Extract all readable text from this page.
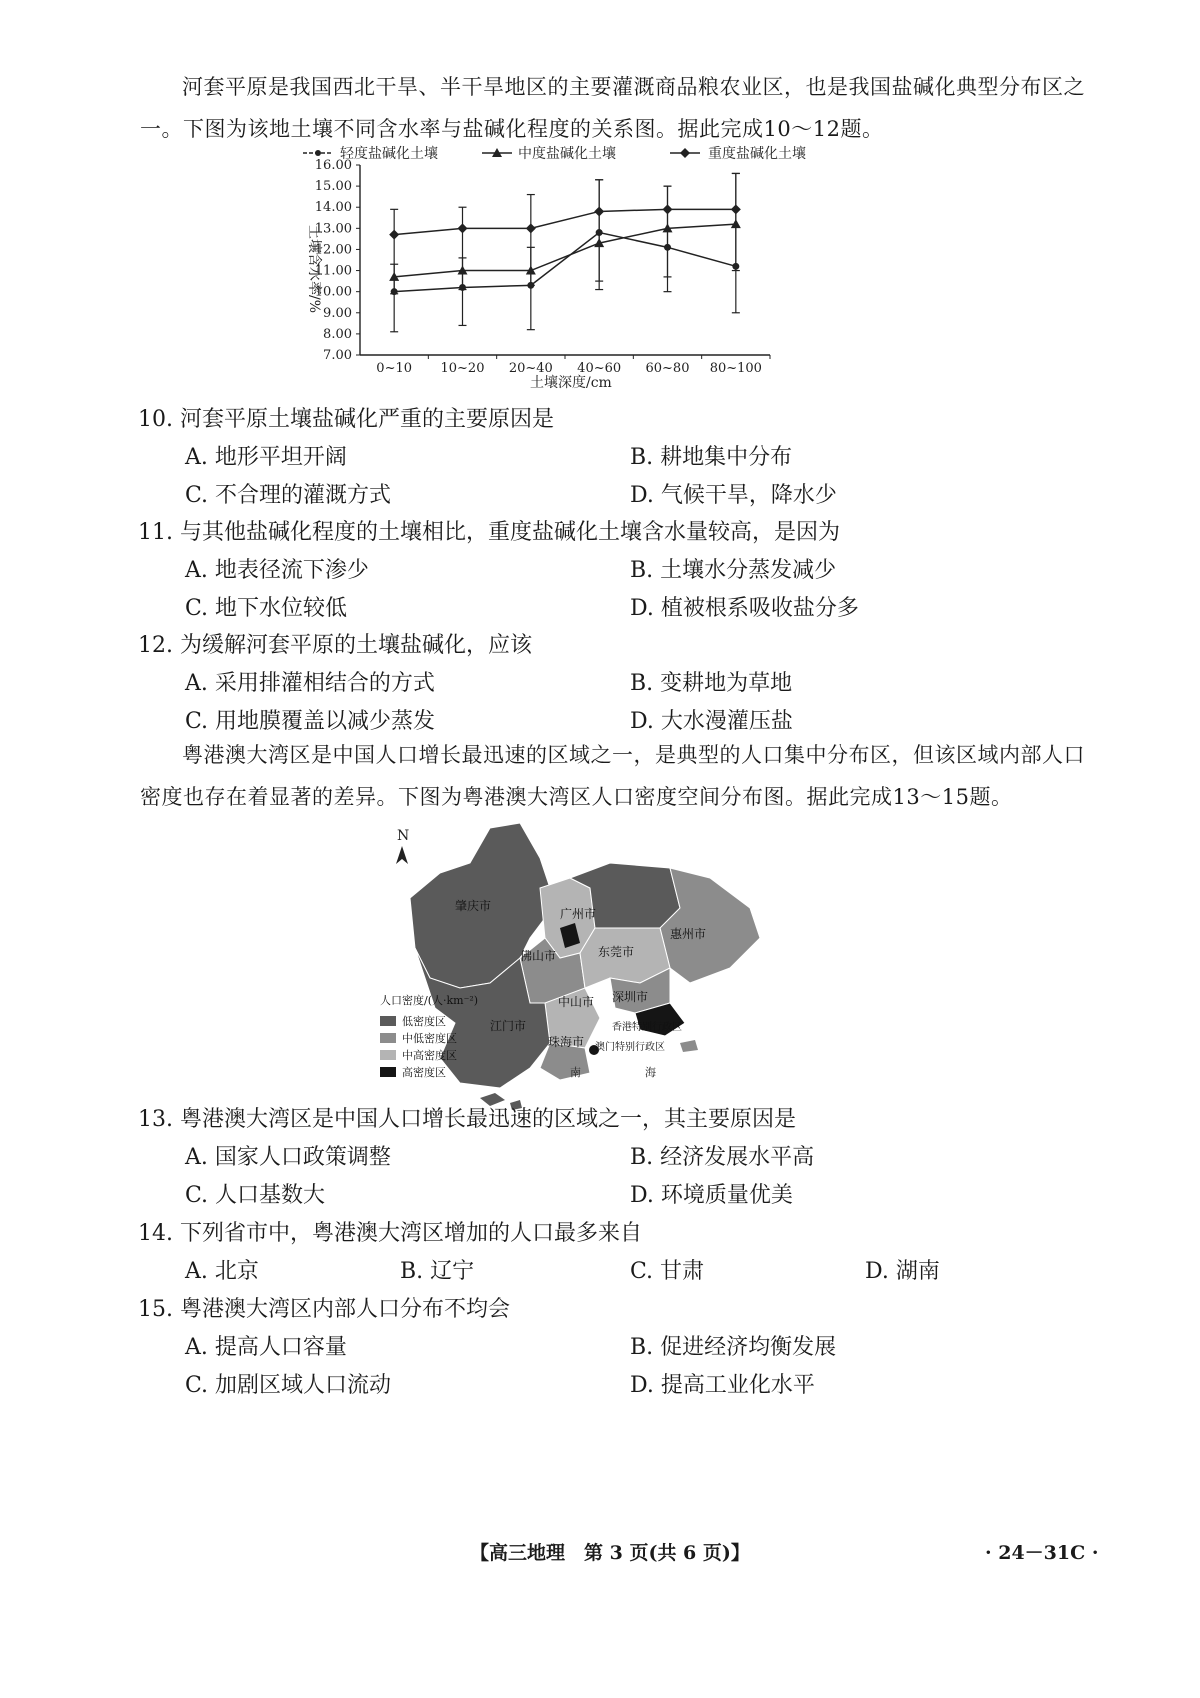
河套平原是我国西北干旱、半干旱地区的主要灌溉商品粮农业区，也是我国盐碱化典型分布区之一。下图为该地土壤不同含水率与盐碱化程度的关系图。据此完成10～12题。
轻度盐碱化土壤	中度盐碱化土壤	重度盐碱化土壤
7.00
8.00
9.00
10.00
11.00
12.00
13.00
14.00
15.00
16.00
0~10 10~20 20~40 40~60 60~80 80~100
土壤含水率/%
土壤深度/cm
10. 河套平原土壤盐碱化严重的主要原因是
A. 地形平坦开阔	B. 耕地集中分布
C. 不合理的灌溉方式	D. 气候干旱，降水少
11. 与其他盐碱化程度的土壤相比，重度盐碱化土壤含水量较高，是因为
A. 地表径流下渗少	B. 土壤水分蒸发减少
C. 地下水位较低	D. 植被根系吸收盐分多
12. 为缓解河套平原的土壤盐碱化，应该
A. 采用排灌相结合的方式	B. 变耕地为草地
C. 用地膜覆盖以减少蒸发	D. 大水漫灌压盐
粤港澳大湾区是中国人口增长最迅速的区域之一，是典型的人口集中分布区，但该区域内部人口密度也存在着显著的差异。下图为粤港澳大湾区人口密度空间分布图。据此完成13～15题。
N
肇庆市
广州市
惠州市
佛山市	东莞市
中山市 深圳市
江门市
珠海市
香港特别行政区
澳门特别行政区
南	海
人口密度/(人·km⁻²)
低密度区
中低密度区
中高密度区
高密度区
13. 粤港澳大湾区是中国人口增长最迅速的区域之一，其主要原因是
A. 国家人口政策调整	B. 经济发展水平高
C. 人口基数大	D. 环境质量优美
14. 下列省市中，粤港澳大湾区增加的人口最多来自
A. 北京	B. 辽宁	C. 甘肃	D. 湖南
15. 粤港澳大湾区内部人口分布不均会
A. 提高人口容量	B. 促进经济均衡发展
C. 加剧区域人口流动	D. 提高工业化水平
【高三地理　第 3 页(共 6 页)】	· 24－31C ·
